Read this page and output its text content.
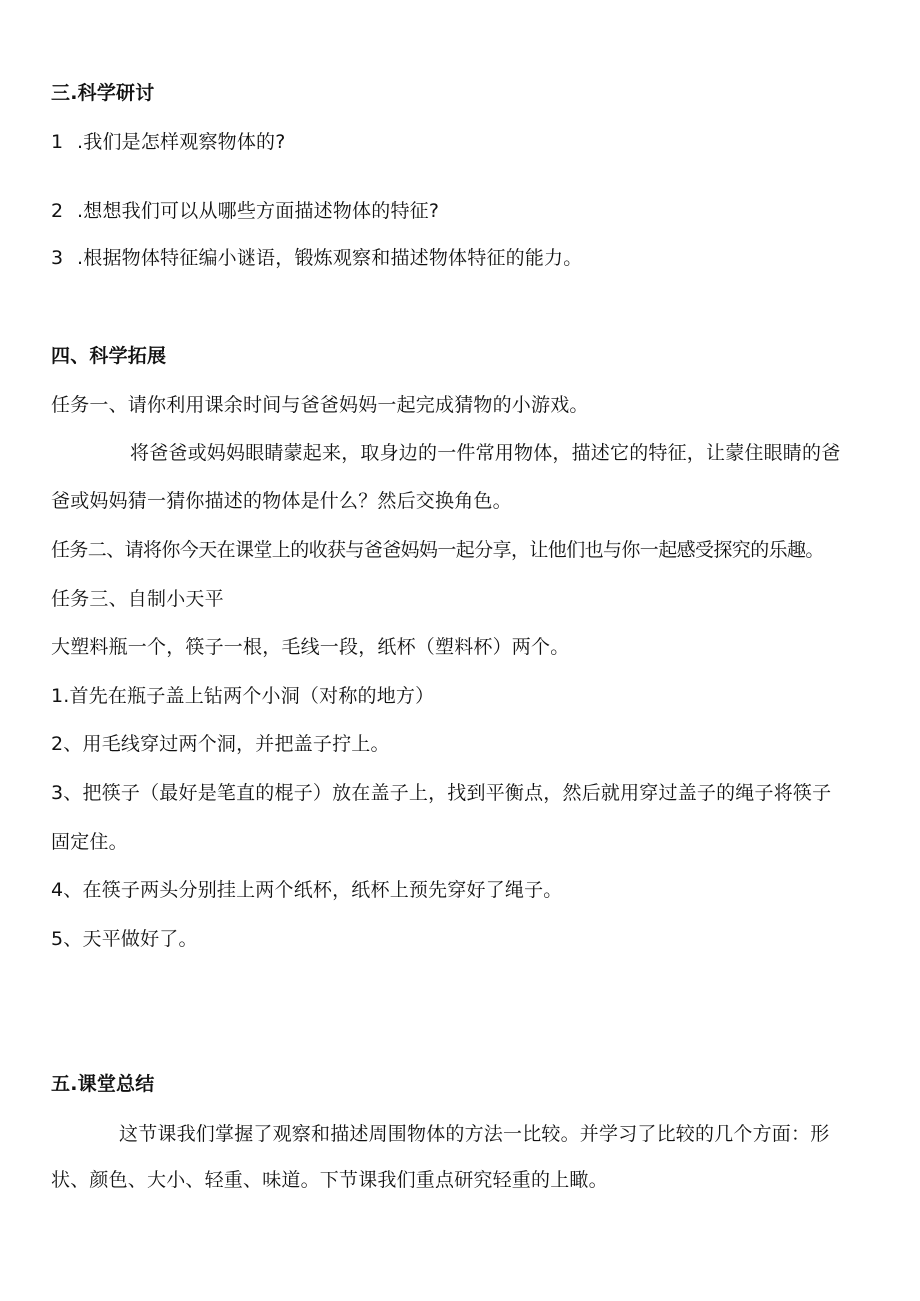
三.科学研讨
1 .我们是怎样观察物体的?
2 .想想我们可以从哪些方面描述物体的特征?
3 .根据物体特征编小谜语，锻炼观察和描述物体特征的能力。
四、科学拓展
任务一、请你利用课余时间与爸爸妈妈一起完成猜物的小游戏。
将爸爸或妈妈眼睛蒙起来，取身边的一件常用物体，描述它的特征，让蒙住眼睛的爸
爸或妈妈猜一猜你描述的物体是什么？然后交换角色。
任务二、请将你今天在课堂上的收获与爸爸妈妈一起分享，让他们也与你一起感受探究的乐趣。
任务三、自制小天平
大塑料瓶一个，筷子一根，毛线一段，纸杯（塑料杯）两个。
1.首先在瓶子盖上钻两个小洞（对称的地方）
2、用毛线穿过两个洞，并把盖子拧上。
3、把筷子（最好是笔直的棍子）放在盖子上，找到平衡点，然后就用穿过盖子的绳子将筷子
固定住。
4、在筷子两头分别挂上两个纸杯，纸杯上预先穿好了绳子。
5、天平做好了。
五.课堂总结
这节课我们掌握了观察和描述周围物体的方法一比较。并学习了比较的几个方面：形
状、颜色、大小、轻重、味道。下节课我们重点研究轻重的上瞰。
